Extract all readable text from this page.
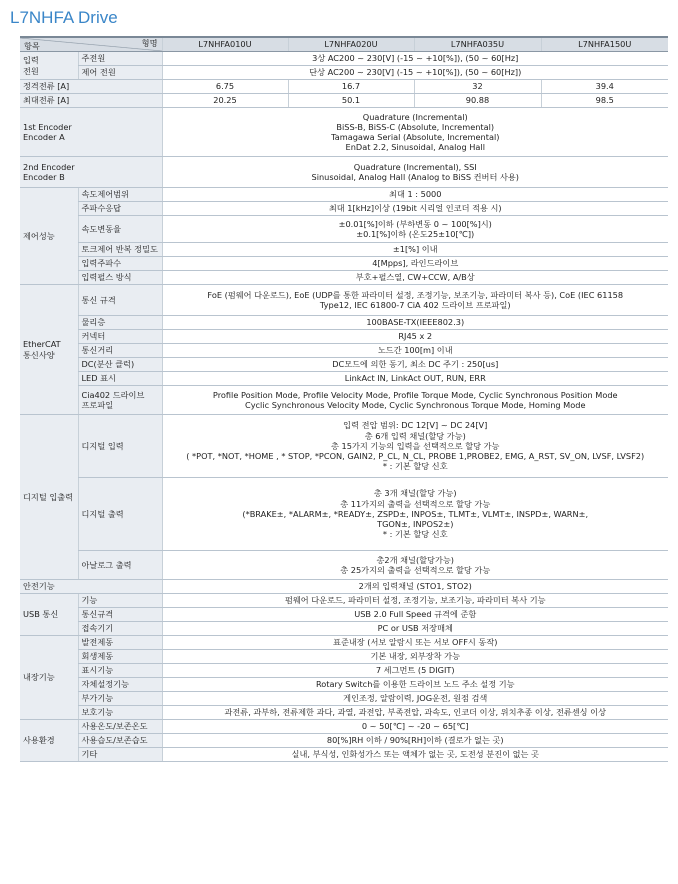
L7NHFA Drive
항목 형명		L7NHFA010U	L7NHFA020U	L7NHFA035U	L7NHFA150U
입력
전원	주전원	3상 AC200 ~ 230[V] (-15 ~ +10[%]), (50 ~ 60[Hz]			
	제어 전원	단상 AC200 ~ 230[V] (-15 ~ +10[%]), (50 ~ 60[Hz])			
정격전류 [A]		6.75	16.7	32	39.4
최대전류 [A]		20.25	50.1	90.88	98.5
1st Encoder
Encoder A		Quadrature (Incremental)
BiSS-B, BiSS-C (Absolute, Incremental)
Tamagawa Serial (Absolute, Incremental)
EnDat 2.2, Sinusoidal, Analog Hall			
2nd Encoder
Encoder B		Quadrature (Incremental), SSI
Sinusoidal, Analog Hall (Analog to BiSS 컨버터 사용)			
제어성능	속도제어범위	최대 1 : 5000			
	주파수응답	최대 1[kHz]이상 (19bit 시리얼 인코더 적용 시)			
	속도변동율	±0.01[%]이하 (부하변동 0 ~ 100[%]시)
±0.1[%]이하 (온도25±10[℃])			
	토크제어 반복 정밀도	±1[%] 이내			
	입력주파수	4[Mpps], 라인드라이브			
	입력펄스 방식	부호+펄스열, CW+CCW, A/B상			
EtherCAT
통신사양	통신 규격	FoE (펌웨어 다운로드), EoE (UDP를 통한 파라미터 설정, 조정기능, 보조기능, 파라미터 복사 등), CoE (IEC 61158
Type12, IEC 61800-7 CiA 402 드라이브 프로파일)			
	물리층	100BASE-TX(IEEE802.3)			
	커넥터	RJ45 x 2			
	통신거리	노드간 100[m] 이내			
	DC(분산 클럭)	DC모드에 의한 동기, 최소 DC 주기 : 250[us]			
	LED 표시	LinkAct IN, LinkAct OUT, RUN, ERR			
	Cia402 드라이브
프로파일	Profile Position Mode, Profile Velocity Mode, Profile Torque Mode, Cyclic Synchronous Position Mode
Cyclic Synchronous Velocity Mode, Cyclic Synchronous Torque Mode, Homing Mode			
디지털 입출력	디지털 입력	입력 전압 범위: DC 12[V] ~ DC 24[V]
총 6개 입력 채널(할당 가능)
총 15가지 기능의 입력을 선택적으로 할당 가능
( *POT, *NOT, *HOME , * STOP, *PCON, GAIN2, P_CL, N_CL, PROBE 1,PROBE2, EMG, A_RST, SV_ON, LVSF, LVSF2)
* : 기본 할당 신호			
	디지털 출력	총 3개 채널(할당 가능)
총 11가지의 출력을 선택적으로 할당 가능
(*BRAKE±, *ALARM±, *READY±, ZSPD±, INPOS±, TLMT±, VLMT±, INSPD±, WARN±,
TGON±, INPOS2±)
* : 기본 할당 신호			
	아날로그 출력	총2개 채널(할당가능)
총 25가지의 출력을 선택적으로 할당 가능			
안전기능		2개의 입력채널 (STO1, STO2)			
USB 통신	기능	펌웨어 다운로드, 파라미터 설정, 조정기능, 보조기능, 파라미터 복사 기능			
	통신규격	USB 2.0 Full Speed 규격에 준함			
	접속기기	PC or USB 저장매체			
내장기능	발전제동	표준내장 (서보 알람시 또는 서보 OFF시 동작)			
	회생제동	기본 내장, 외부장착 가능			
	표시기능	7 세그먼트 (5 DIGIT)			
	자체설정기능	Rotary Switch를 이용한 드라이브 노드 주소 설정 기능			
	부가기능	게인조정, 알람이력, JOG운전, 원점 검색			
	보호기능	과전류, 과부하, 전류제한 과다, 과열, 과전압, 부족전압, 과속도, 인코더 이상, 위치추종 이상, 전류센싱 이상			
사용환경	사용온도/보존온도	0 ~ 50[℃] ~ -20 ~ 65[℃]			
	사용습도/보존습도	80[%]RH 이하 / 90%[RH]이하 (결로가 없는 곳)			
	기타	실내, 부식성, 인화성가스 또는 액체가 없는 곳, 도전성 분진이 없는 곳			
